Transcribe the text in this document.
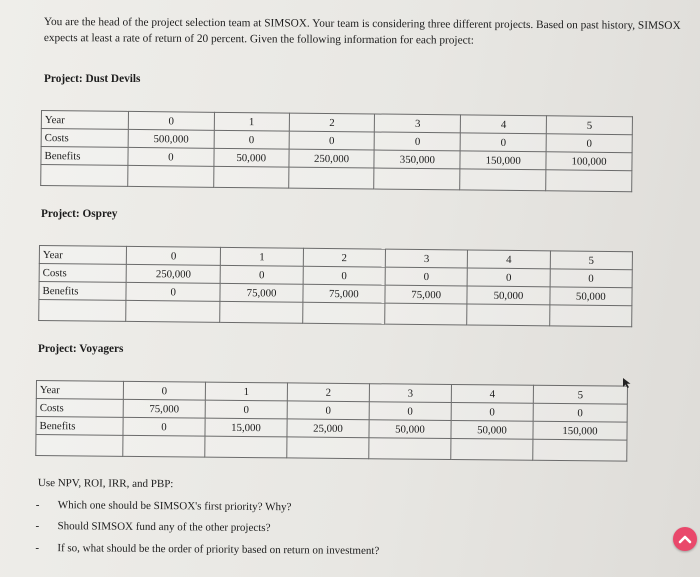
You are the head of the project selection team at SIMSOX. Your team is considering three different projects. Based on past history, SIMSOX expects at least a rate of return of 20 percent. Given the following information for each project:
Project: Dust Devils
Year	0	1	2	3	4	5
Costs	500,000	0	0	0	0	0
Benefits	0	50,000	250,000	350,000	150,000	100,000

Project: Osprey
Year	0	1	2	3	4	5
Costs	250,000	0	0	0	0	0
Benefits	0	75,000	75,000	75,000	50,000	50,000

Project: Voyagers
Year	0	1	2	3	4	5
Costs	75,000	0	0	0	0	0
Benefits	0	15,000	25,000	50,000	50,000	150,000

Use NPV, ROI, IRR, and PBP:
- Which one should be SIMSOX's first priority? Why?
- Should SIMSOX fund any of the other projects?
- If so, what should be the order of priority based on return on investment?
